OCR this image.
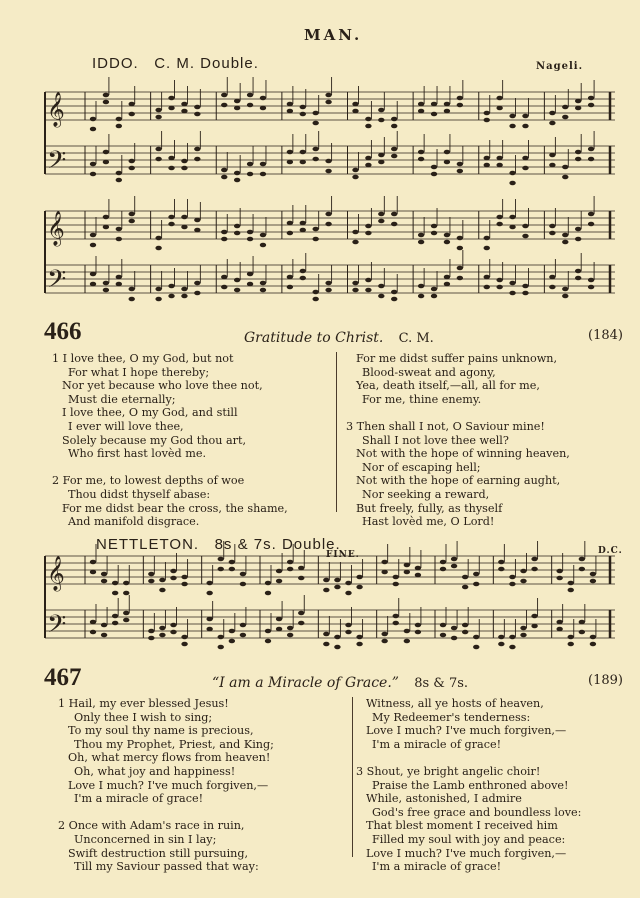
MAN.
IDDO. C. M. Double.	Nageli.
𝄞
𝄢
𝄞
𝄢
466	Gratitude to Christ. C. M.	(184)
1 I love thee, O my God, but not
For what I hope thereby;
Nor yet because who love thee not,
Must die eternally;
I love thee, O my God, and still
I ever will love thee,
Solely because my God thou art,
Who first hast lovèd me.

2 For me, to lowest depths of woe
Thou didst thyself abase:
For me didst bear the cross, the shame,
And manifold disgrace.
For me didst suffer pains unknown,
Blood-sweat and agony,
Yea, death itself,—all, all for me,
For me, thine enemy.

3 Then shall I not, O Saviour mine!
Shall I not love thee well?
Not with the hope of winning heaven,
Nor of escaping hell;
Not with the hope of earning aught,
Nor seeking a reward,
But freely, fully, as thyself
Hast lovèd me, O Lord!
NETTLETON. 8s & 7s. Double.
FINE.	D.C.
𝄞
𝄢
467	“I am a Miracle of Grace.” 8s & 7s.	(189)
1 Hail, my ever blessed Jesus!
Only thee I wish to sing;
To my soul thy name is precious,
Thou my Prophet, Priest, and King;
Oh, what mercy flows from heaven!
Oh, what joy and happiness!
Love I much? I've much forgiven,—
I'm a miracle of grace!

2 Once with Adam's race in ruin,
Unconcerned in sin I lay;
Swift destruction still pursuing,
Till my Saviour passed that way:
Witness, all ye hosts of heaven,
My Redeemer's tenderness:
Love I much? I've much forgiven,—
I'm a miracle of grace!

3 Shout, ye bright angelic choir!
Praise the Lamb enthroned above!
While, astonished, I admire
God's free grace and boundless love:
That blest moment I received him
Filled my soul with joy and peace:
Love I much? I've much forgiven,—
I'm a miracle of grace!
